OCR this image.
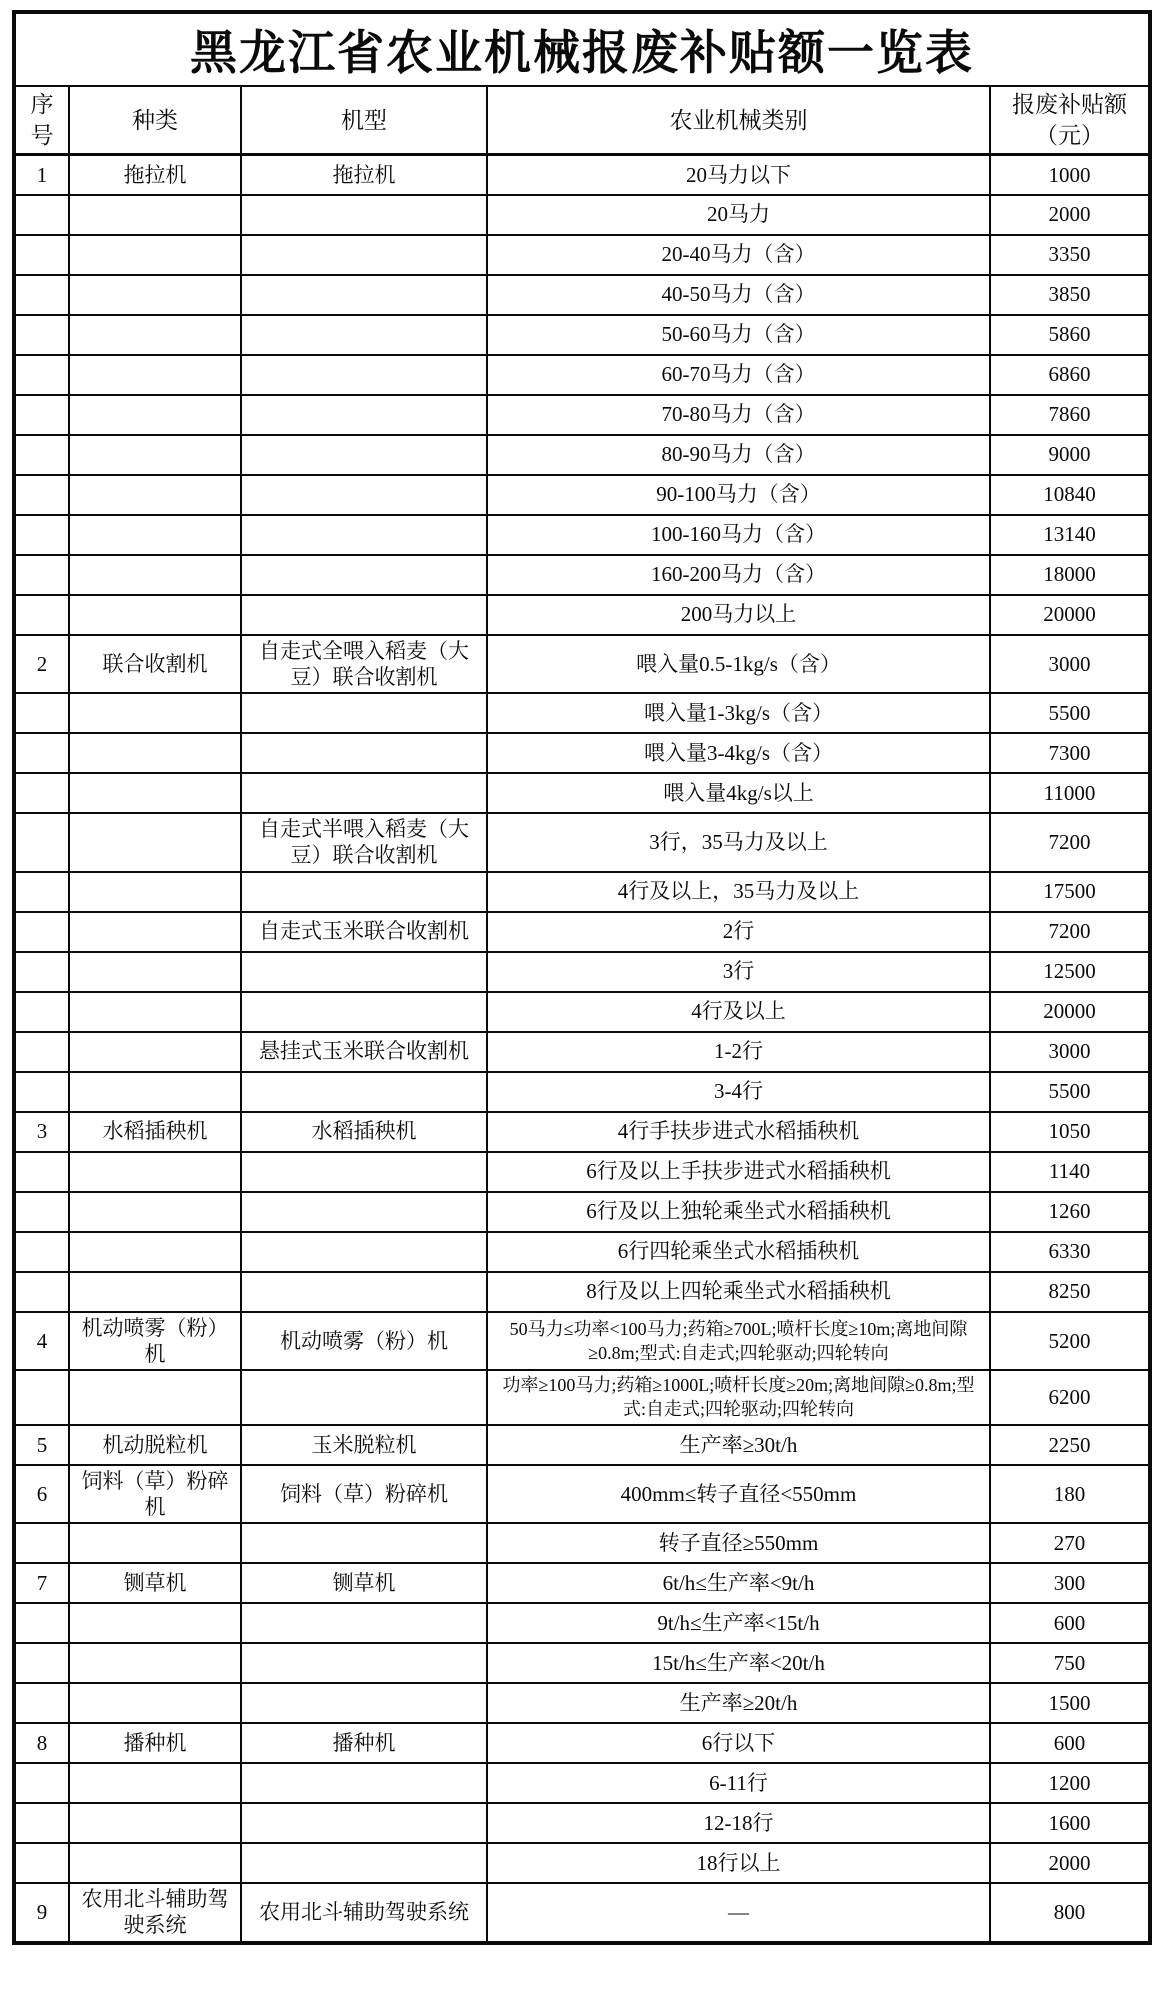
黑龙江省农业机械报废补贴额一览表				
序号	种类	机型	农业机械类别	报废补贴额（元）
1	拖拉机	拖拉机	20马力以下	1000
			20马力	2000
			20-40马力（含）	3350
			40-50马力（含）	3850
			50-60马力（含）	5860
			60-70马力（含）	6860
			70-80马力（含）	7860
			80-90马力（含）	9000
			90-100马力（含）	10840
			100-160马力（含）	13140
			160-200马力（含）	18000
			200马力以上	20000
2	联合收割机	自走式全喂入稻麦（大豆）联合收割机	喂入量0.5-1kg/s（含）	3000
			喂入量1-3kg/s（含）	5500
			喂入量3-4kg/s（含）	7300
			喂入量4kg/s以上	11000
		自走式半喂入稻麦（大豆）联合收割机	3行，35马力及以上	7200
			4行及以上，35马力及以上	17500
		自走式玉米联合收割机	2行	7200
			3行	12500
			4行及以上	20000
		悬挂式玉米联合收割机	1-2行	3000
			3-4行	5500
3	水稻插秧机	水稻插秧机	4行手扶步进式水稻插秧机	1050
			6行及以上手扶步进式水稻插秧机	1140
			6行及以上独轮乘坐式水稻插秧机	1260
			6行四轮乘坐式水稻插秧机	6330
			8行及以上四轮乘坐式水稻插秧机	8250
4	机动喷雾（粉）机	机动喷雾（粉）机	50马力≤功率<100马力;药箱≥700L;喷杆长度≥10m;离地间隙≥0.8m;型式:自走式;四轮驱动;四轮转向	5200
			功率≥100马力;药箱≥1000L;喷杆长度≥20m;离地间隙≥0.8m;型式:自走式;四轮驱动;四轮转向	6200
5	机动脱粒机	玉米脱粒机	生产率≥30t/h	2250
6	饲料（草）粉碎机	饲料（草）粉碎机	400mm≤转子直径<550mm	180
			转子直径≥550mm	270
7	铡草机	铡草机	6t/h≤生产率<9t/h	300
			9t/h≤生产率<15t/h	600
			15t/h≤生产率<20t/h	750
			生产率≥20t/h	1500
8	播种机	播种机	6行以下	600
			6-11行	1200
			12-18行	1600
			18行以上	2000
9	农用北斗辅助驾驶系统	农用北斗辅助驾驶系统	—	800
